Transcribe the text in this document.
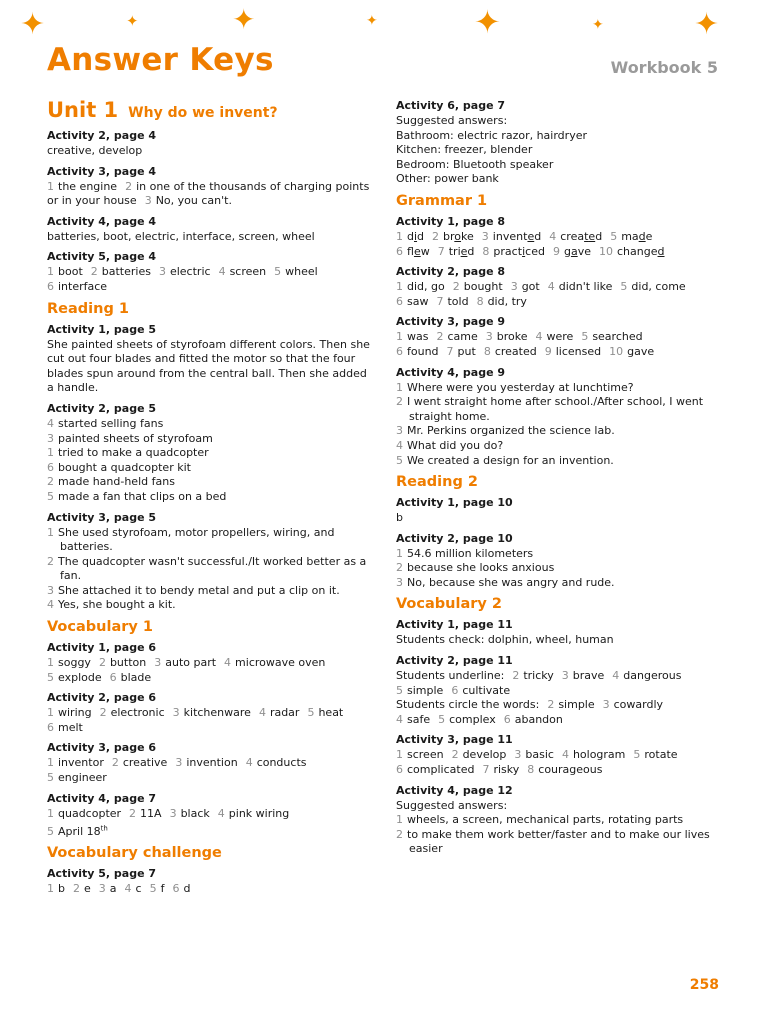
✦	✦	✦	✦	✦	✦	✦
Answer Keys	Workbook 5
Unit 1 Why do we invent?
Activity 2, page 4
creative, develop
Activity 3, page 4
1 the engine 2 in one of the thousands of charging points or in your house 3 No, you can't.
Activity 4, page 4
batteries, boot, electric, interface, screen, wheel
Activity 5, page 4
1 boot 2 batteries 3 electric 4 screen 5 wheel
6 interface
Reading 1
Activity 1, page 5
She painted sheets of styrofoam different colors. Then she cut out four blades and fitted the motor so that the four blades spun around from the central ball. Then she added a handle.
Activity 2, page 5
4 started selling fans
3 painted sheets of styrofoam
1 tried to make a quadcopter
6 bought a quadcopter kit
2 made hand-held fans
5 made a fan that clips on a bed
Activity 3, page 5
1 She used styrofoam, motor propellers, wiring, and batteries.
2 The quadcopter wasn't successful./It worked better as a fan.
3 She attached it to bendy metal and put a clip on it.
4 Yes, she bought a kit.
Vocabulary 1
Activity 1, page 6
1 soggy 2 button 3 auto part 4 microwave oven
5 explode 6 blade
Activity 2, page 6
1 wiring 2 electronic 3 kitchenware 4 radar 5 heat
6 melt
Activity 3, page 6
1 inventor 2 creative 3 invention 4 conducts
5 engineer
Activity 4, page 7
1 quadcopter 2 11A 3 black 4 pink wiring
5 April 18th
Vocabulary challenge
Activity 5, page 7
1 b 2 e 3 a 4 c 5 f 6 d
Activity 6, page 7
Suggested answers:
Bathroom: electric razor, hairdryer
Kitchen: freezer, blender
Bedroom: Bluetooth speaker
Other: power bank
Grammar 1
Activity 1, page 8
1 did 2 broke 3 invented 4 created 5 made
6 few 7 tried 8 practiced 9 gave 10 changed
Activity 2, page 8
1 did, go 2 bought 3 got 4 didn't like 5 did, come
6 saw 7 told 8 did, try
Activity 3, page 9
1 was 2 came 3 broke 4 were 5 searched
6 found 7 put 8 created 9 licensed 10 gave
Activity 4, page 9
1 Where were you yesterday at lunchtime?
2 I went straight home after school./After school, I went straight home.
3 Mr. Perkins organized the science lab.
4 What did you do?
5 We created a design for an invention.
Reading 2
Activity 1, page 10
b
Activity 2, page 10
1 54.6 million kilometers
2 because she looks anxious
3 No, because she was angry and rude.
Vocabulary 2
Activity 1, page 11
Students check: dolphin, wheel, human
Activity 2, page 11
Students underline: 2 tricky 3 brave 4 dangerous
5 simple 6 cultivate
Students circle the words: 2 simple 3 cowardly
4 safe 5 complex 6 abandon
Activity 3, page 11
1 screen 2 develop 3 basic 4 hologram 5 rotate
6 complicated 7 risky 8 courageous
Activity 4, page 12
Suggested answers:
1 wheels, a screen, mechanical parts, rotating parts
2 to make them work better/faster and to make our lives easier
258
